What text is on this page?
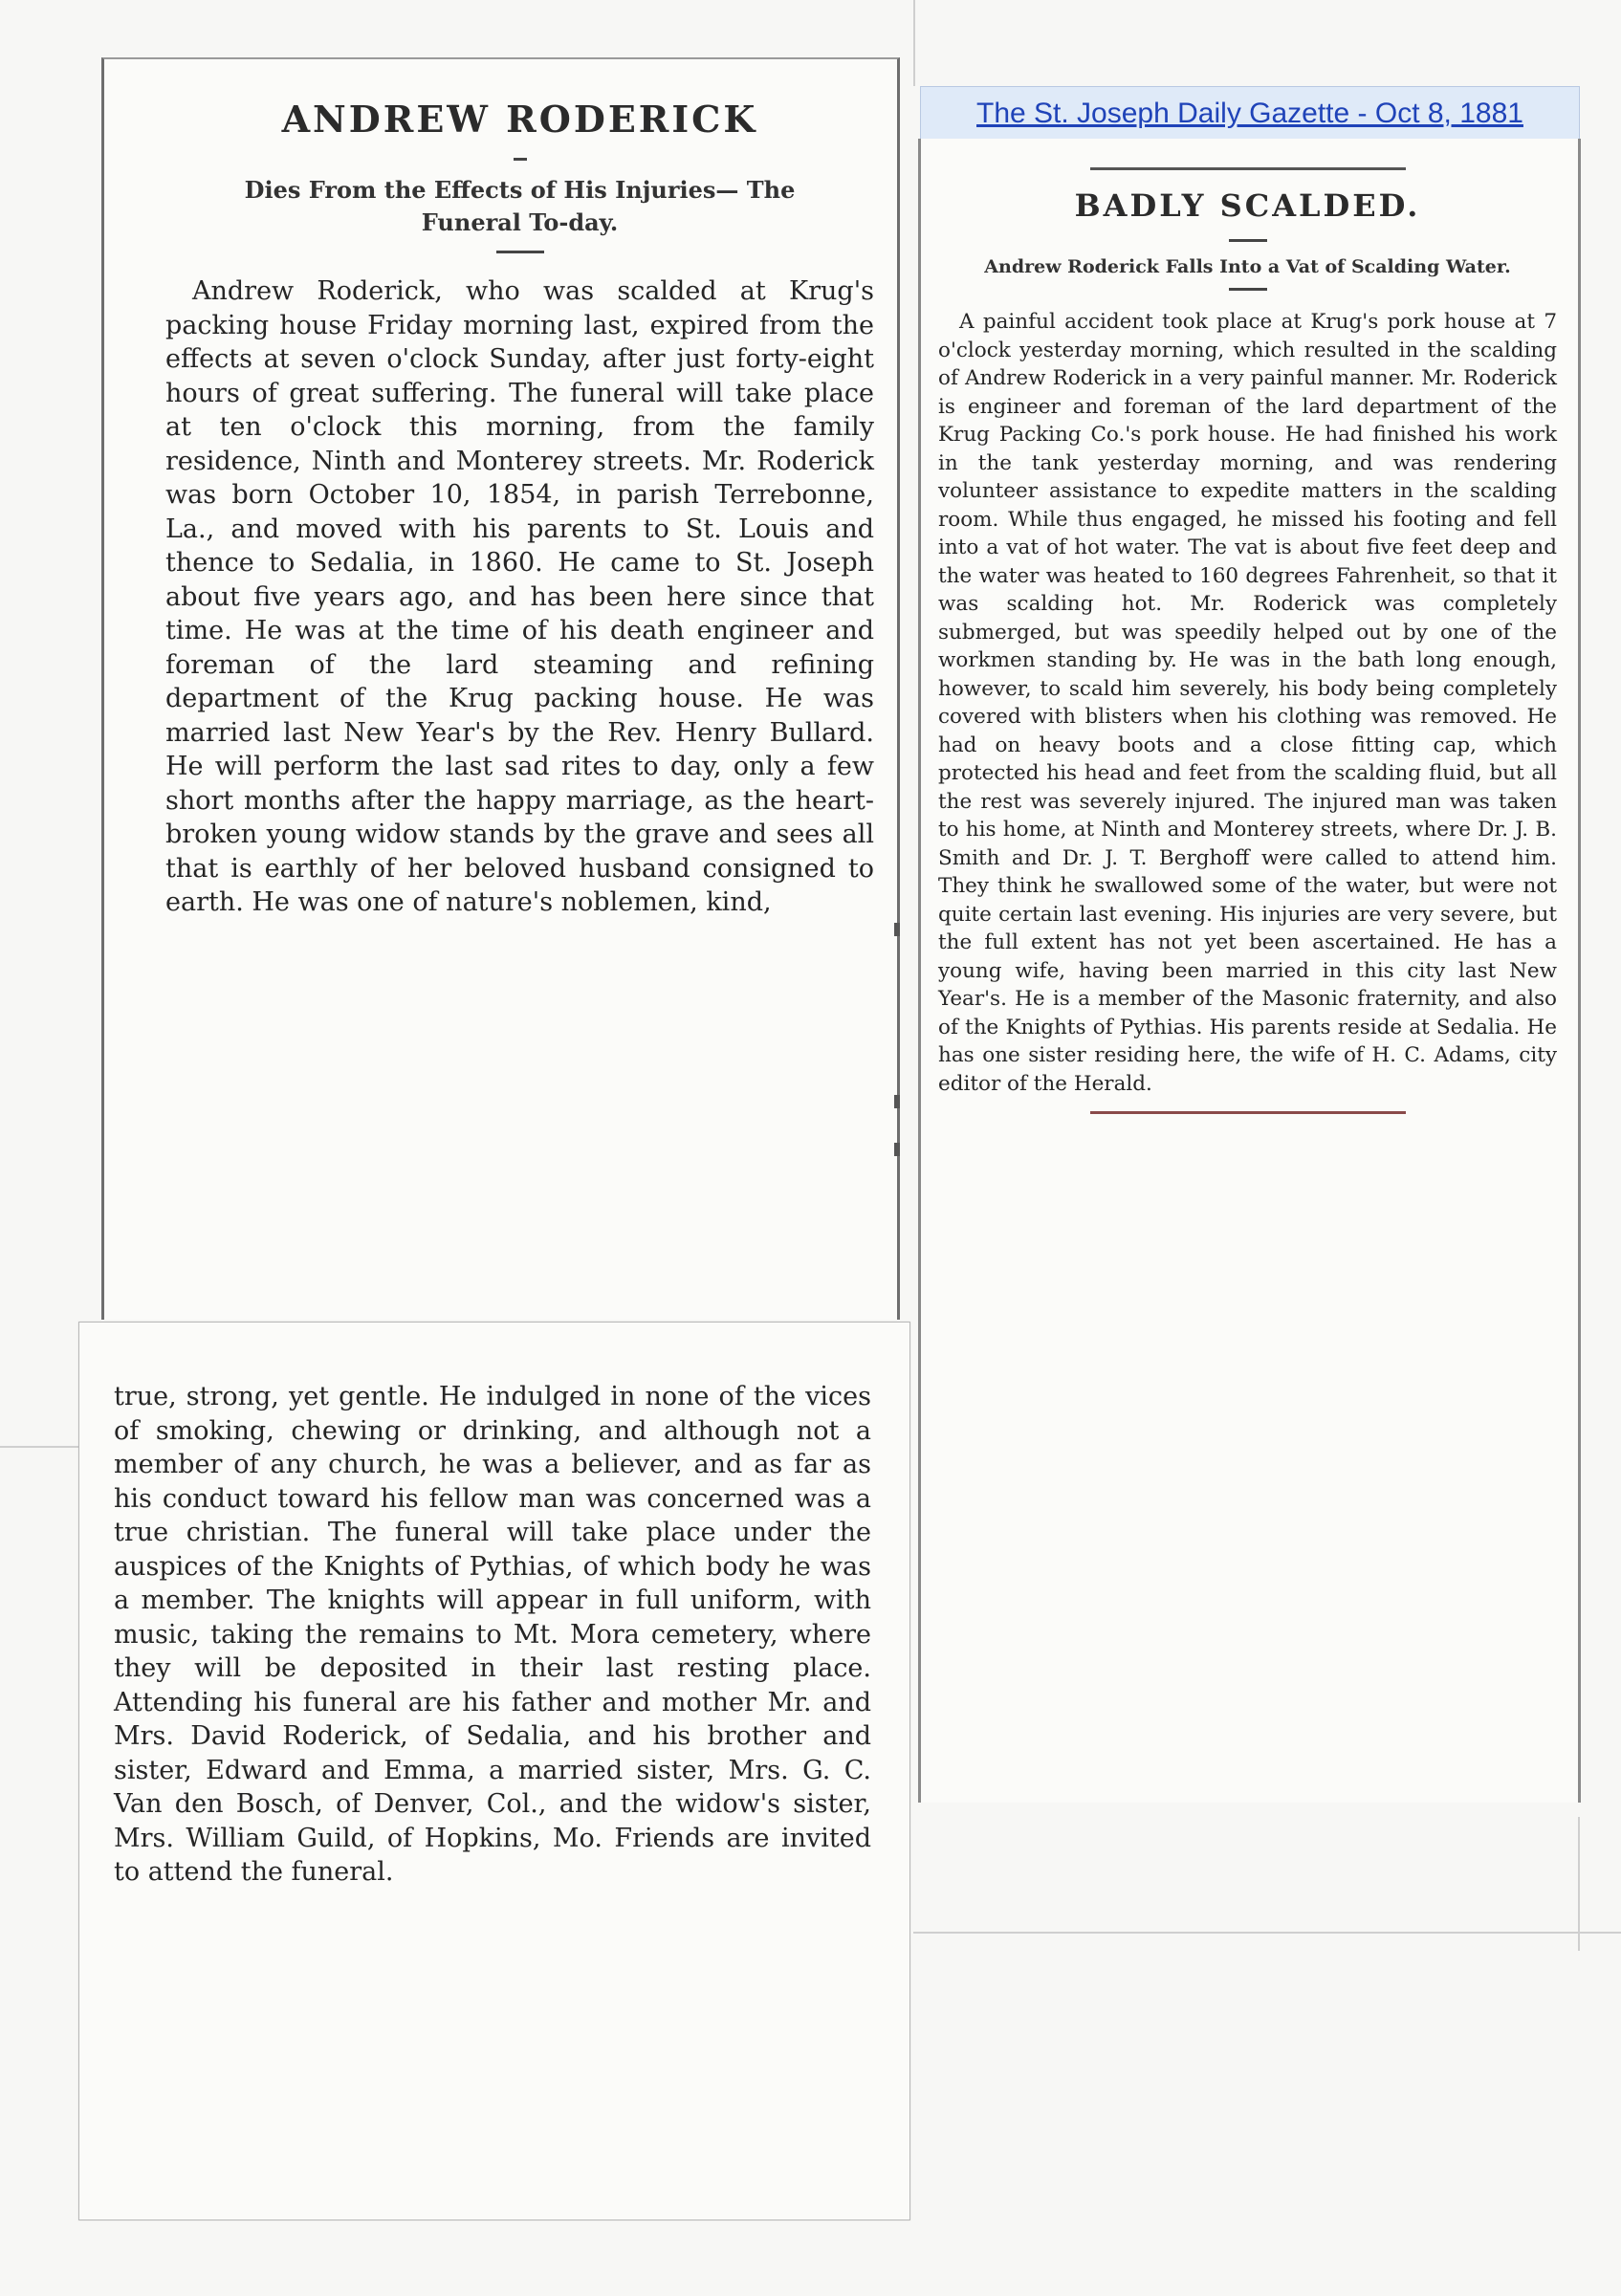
ANDREW RODERICK
Dies From the Effects of His Injuries— The Funeral To-day.

Andrew Roderick, who was scalded at Krug's packing house Friday morning last, expired from the effects at seven o'clock Sunday, after just forty-eight hours of great suffering. The funeral will take place at ten o'clock this morning, from the family residence, Ninth and Monterey streets. Mr. Roderick was born October 10, 1854, in parish Terrebonne, La., and moved with his parents to St. Louis and thence to Sedalia, in 1860. He came to St. Joseph about five years ago, and has been here since that time. He was at the time of his death engineer and foreman of the lard steaming and refining department of the Krug packing house. He was married last New Year's by the Rev. Henry Bullard. He will perform the last sad rites to day, only a few short months after the happy marriage, as the heart-broken young widow stands by the grave and sees all that is earthly of her beloved husband consigned to earth. He was one of nature's noblemen, kind,

true, strong, yet gentle. He indulged in none of the vices of smoking, chewing or drinking, and although not a member of any church, he was a believer, and as far as his conduct toward his fellow man was concerned was a true christian. The funeral will take place under the auspices of the Knights of Pythias, of which body he was a member. The knights will appear in full uniform, with music, taking the remains to Mt. Mora cemetery, where they will be deposited in their last resting place. Attending his funeral are his father and mother Mr. and Mrs. David Roderick, of Sedalia, and his brother and sister, Edward and Emma, a married sister, Mrs. G. C. Van den Bosch, of Denver, Col., and the widow's sister, Mrs. William Guild, of Hopkins, Mo. Friends are invited to attend the funeral.

The St. Joseph Daily Gazette - Oct 8, 1881
BADLY SCALDED.
Andrew Roderick Falls Into a Vat of Scalding Water.

A painful accident took place at Krug's pork house at 7 o'clock yesterday morning, which resulted in the scalding of Andrew Roderick in a very painful manner. Mr. Roderick is engineer and foreman of the lard department of the Krug Packing Co.'s pork house. He had finished his work in the tank yesterday morning, and was rendering volunteer assistance to expedite matters in the scalding room. While thus engaged, he missed his footing and fell into a vat of hot water. The vat is about five feet deep and the water was heated to 160 degrees Fahrenheit, so that it was scalding hot. Mr. Roderick was completely submerged, but was speedily helped out by one of the workmen standing by. He was in the bath long enough, however, to scald him severely, his body being completely covered with blisters when his clothing was removed. He had on heavy boots and a close fitting cap, which protected his head and feet from the scalding fluid, but all the rest was severely injured. The injured man was taken to his home, at Ninth and Monterey streets, where Dr. J. B. Smith and Dr. J. T. Berghoff were called to attend him. They think he swallowed some of the water, but were not quite certain last evening. His injuries are very severe, but the full extent has not yet been ascertained. He has a young wife, having been married in this city last New Year's. He is a member of the Masonic fraternity, and also of the Knights of Pythias. His parents reside at Sedalia. He has one sister residing here, the wife of H. C. Adams, city editor of the Herald.
